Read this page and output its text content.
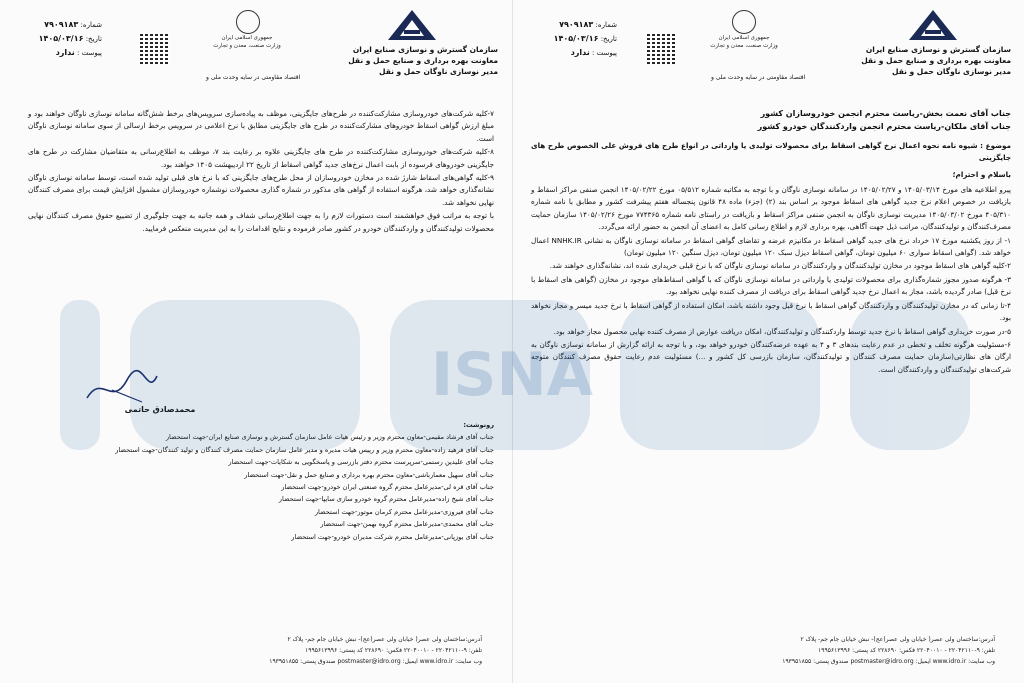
سازمان گسترش و نوسازی صنایع ایران
معاونت بهره برداری و صنایع حمل و نقل
مدیر نوسازی ناوگان حمل و نقل
جمهوری اسلامی ایران
وزارت صنعت، معدن و تجارت
اقتصاد مقاومتی در سایه وحدت ملی و
شماره: ۷۹۰۹۱۸۳
تاریخ: ۱۴۰۵/۰۳/۱۶
پیوست : ندارد

جناب آقای نعمت بخش-ریاست محترم انجمن خودروسازان کشور

جناب آقای ملکان-ریاست محترم انجمن واردکنندگان خودرو کشور

موضوع : شیوه نامه نحوه اعمال نرخ گواهی اسقاط برای محصولات تولیدی یا وارداتی در انواع طرح های فروش علی الخصوص طرح های جایگزینی

باسلام و احترام؛

پیرو اطلاعیه های مورخ ۱۴۰۵/۰۳/۱۴ و ۱۴۰۵/۰۲/۲۷ در سامانه نوسازی ناوگان و با توجه به مکاتبه شماره ۰۵/۵۱۲ مورخ ۱۴۰۵/۰۲/۲۲ انجمن صنفی مراکز اسقاط و بازیافت در خصوص اعلام نرخ جدید گواهی های اسقاط موجود بر اساس بند (۲) (جزء) ماده ۴۸ قانون پنجساله هفتم پیشرفت کشور و مطابق با نامه شماره ۴۰۵/۳۱۰ مورخ ۱۴۰۵/۰۳/۰۲ مدیریت نوسازی ناوگان به انجمن صنفی مراکز اسقاط و بازیافت در راستای نامه شماره ۷۷۴۳۶۵ مورخ ۱۴۰۵/۰۲/۲۶ سازمان حمایت مصرف‌کنندگان و تولیدکنندگان، مراتب ذیل جهت آگاهی، بهره برداری لازم و اطلاع رسانی کامل به اعضای آن انجمن به حضور ارائه می‌گردد.

۱- از روز یکشنبه مورخ ۱۷ خرداد نرخ های جدید گواهی اسقاط در مکانیزم عرضه و تقاضای گواهی اسقاط در سامانه نوسازی ناوگان به نشانی NNHK.IR اعمال خواهد شد. (گواهی اسقاط سواری ۶۰ میلیون تومان، گواهی اسقاط دیزل سبک ۱۲۰ میلیون تومان، دیزل سنگین ۱۲۰ میلیون تومان)

۲-کلیه گواهی های اسقاط موجود در مخازن تولیدکنندگان و واردکنندگان در سامانه نوسازی ناوگان که با نرخ قبلی خریداری شده اند، نشانه‌گذاری خواهند شد.

۳- هرگونه صدور مجوز شماره‌گذاری برای محصولات تولیدی یا وارداتی در سامانه نوسازی ناوگان که با گواهی اسقاط‌های موجود در مخازن (گواهی های اسقاط با نرخ قبل) صادر گردیده باشد، مجاز به اعمال نرخ جدید گواهی اسقاط برای دریافت از مصرف کننده نهایی نخواهد بود.

۴-تا زمانی که در مخازن تولیدکنندگان و واردکنندگان گواهی اسقاط با نرخ قبل وجود داشته باشد، امکان استفاده از گواهی اسقاط با نرخ جدید میسر و مجاز نخواهد بود.

۵-در صورت خریداری گواهی اسقاط با نرخ جدید توسط واردکنندگان و تولیدکنندگان، امکان دریافت عوارض از مصرف کننده نهایی محصول مجاز خواهد بود.

۶-مسئولیت هرگونه تخلف و تخطی در عدم رعایت بندهای ۳ و ۴ به عهده عرضه‌کنندگان خودرو خواهد بود، و با توجه به ارائه گزارش از سامانه نوسازی ناوگان به ارگان های نظارتی(سازمان حمایت مصرف کنندگان و تولیدکنندگان، سازمان بازرسی کل کشور و ...) مسئولیت عدم رعایت حقوق مصرف کنندگان متوجه شرکت‌های تولیدکنندگان و واردکنندگان است.

آدرس:ساختمان ولی عصر( خیابان ولی عصر(عج)- نبش خیابان جام جم- پلاک ۲
تلفن: ۹-۲۲۰۴۲۱۱۰ - ۲۲۰۴۰۰۱۰ فکس: ۲۲۸۶۹۰ کد پستی: ۱۹۹۵۶۱۳۹۹۶
وب سایت: www.idro.ir ایمیل: postmaster@idro.org صندوق پستی: ۱۹۳۹۵۱۸۵۵
سازمان گسترش و نوسازی صنایع ایران
معاونت بهره برداری و صنایع حمل و نقل
مدیر نوسازی ناوگان حمل و نقل
جمهوری اسلامی ایران
وزارت صنعت، معدن و تجارت
اقتصاد مقاومتی در سایه وحدت ملی و
شماره: ۷۹۰۹۱۸۳
تاریخ: ۱۴۰۵/۰۳/۱۶
پیوست : ندارد

۷-کلیه شرکت‌های خودروسازی مشارکت‌کننده در طرح‌های جایگزینی، موظف به پیاده‌سازی سرویس‌های برخط شش‌گانه سامانه نوسازی ناوگان خواهند بود و مبلغ ارزش گواهی اسقاط خودروهای مشارکت‌کننده در طرح های جایگزینی مطابق با نرخ اعلامی در سرویس برخط ارسالی از سوی سامانه نوسازی ناوگان است.

۸-کلیه شرکت‌های خودروسازی مشارکت‌کننده در طرح های جایگزینی علاوه بر رعایت بند ۷، موظف به اطلاع‌رسانی به متقاضیان مشارکت در طرح های جایگزینی خودروهای فرسوده از بابت اعمال نرخ‌های جدید گواهی اسقاط از تاریخ ۲۲ اردیبهشت ۱۴۰۵ خواهند بود.

۹-کلیه گواهی‌های اسقاط شارژ شده در مخازن خودروسازان از محل طرح‌های جایگزینی که با نرخ های قبلی تولید شده است، توسط سامانه نوسازی ناوگان نشانه‌گذاری خواهد شد، هرگونه استفاده از گواهی های مذکور در شماره گذاری محصولات نوشماره خودروسازان مشمول افزایش قیمت برای مصرف کنندگان نهایی نخواهد شد.

با توجه به مراتب فوق خواهشمند است دستورات لازم را به جهت اطلاع‌رسانی شفاف و همه جانبه به جهت جلوگیری از تضییع حقوق مصرف کنندگان نهایی محصولات تولیدکنندگان و واردکنندگان خودرو در کشور صادر فرموده و نتایج اقدامات را به این مدیریت منعکس فرمایید.

محمدصادق حاتمی

رونوشت:

جناب آقای فرشاد مقیمی-معاون محترم وزیر و رئیس هیات عامل سازمان گسترش و نوسازی صنایع ایران-جهت استحضار

جناب آقای فرهید زاده-معاون محترم وزیر و رییس هیات مدیره و مدیر عامل سازمان حمایت مصرف کنندگان و تولید کنندگان-جهت استحضار

جناب آقای علیدین رستمی-سرپرست محترم دفتر بازرسی و پاسخگویی به شکایات-جهت استحضار

جناب آقای سهیل معمارباشی-معاون محترم بهره برداری و صنایع حمل و نقل-جهت استحضار

جناب آقای قره لی-مدیرعامل محترم گروه صنعتی ایران خودرو-جهت استحضار

جناب آقای شیخ زاده-مدیرعامل محترم گروه خودرو سازی سایپا-جهت استحضار

جناب آقای فیروزی-مدیرعامل محترم کرمان موتور-جهت استحضار

جناب آقای محمدی-مدیرعامل محترم گروه بهمن-جهت استحضار

جناب آقای یوزپانی-مدیرعامل محترم شرکت مدیران خودرو-جهت استحضار

آدرس:ساختمان ولی عصر( خیابان ولی عصر(عج)- نبش خیابان جام جم- پلاک ۲
تلفن: ۹-۲۲۰۴۲۱۱۰ - ۲۲۰۴۰۰۱۰ فکس: ۲۲۸۶۹۰ کد پستی: ۱۹۹۵۶۱۳۹۹۶
وب سایت: www.idro.ir ایمیل: postmaster@idro.org صندوق پستی: ۱۹۳۹۵۱۸۵۵
